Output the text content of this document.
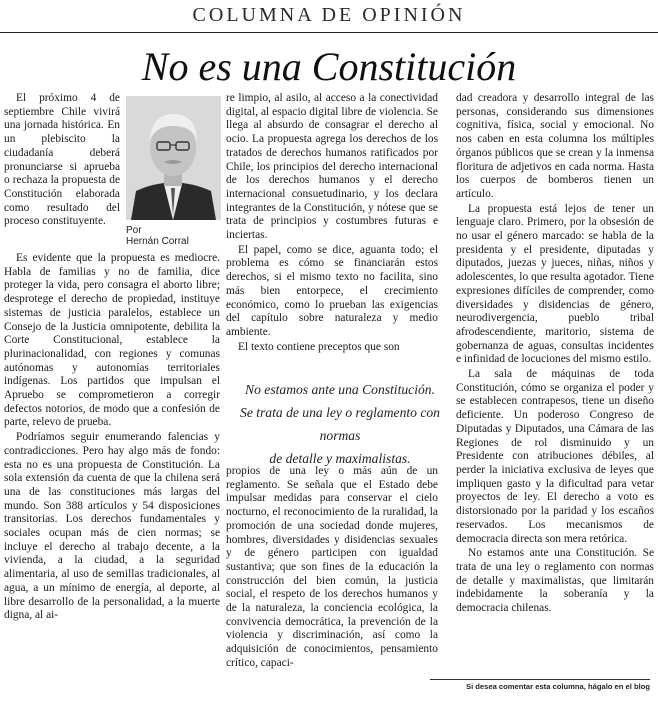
COLUMNA DE OPINIÓN
No es una Constitución

El próximo 4 de septiembre Chile vivirá una jornada histórica. En un plebiscito la ciudadanía deberá pronunciarse si aprueba o rechaza la propuesta de Constitución elaborada como resultado del proceso constituyente.

Por
Hernán Corral

Es evidente que la propuesta es mediocre. Habla de familias y no de familia, dice proteger la vida, pero consagra el aborto libre; desprotege el derecho de propiedad, instituye sistemas de justicia paralelos, establece un Consejo de la Justicia omnipotente, debilita la Corte Constitucional, establece la plurinacionalidad, con regiones y comunas autónomas y autonomías territoriales indígenas. Los partidos que impulsan el Apruebo se comprometieron a corregir defectos notorios, de modo que a confesión de parte, relevo de prueba.

Podríamos seguir enumerando falencias y contradicciones. Pero hay algo más de fondo: esta no es una propuesta de Constitución. La sola extensión da cuenta de que la chilena será una de las constituciones más largas del mundo. Son 388 artículos y 54 disposiciones transitorias. Los derechos fundamentales y sociales ocupan más de cien normas; se incluye el derecho al trabajo decente, a la vivienda, a la ciudad, a la seguridad alimentaria, al uso de semillas tradicionales, al agua, a un mínimo de energía, al deporte, al libre desarrollo de la personalidad, a la muerte digna, al ai-

re limpio, al asilo, al acceso a la conectividad digital, al espacio digital libre de violencia. Se llega al absurdo de consagrar el derecho al ocio. La propuesta agrega los derechos de los tratados de derechos humanos ratificados por Chile, los principios del derecho internacional de los derechos humanos y el derecho internacional consuetudinario, y los declara integrantes de la Constitución, y nótese que se trata de principios y costumbres futuras e inciertas.

El papel, como se dice, aguanta todo; el problema es cómo se financiarán estos derechos, si el mismo texto no facilita, sino más bien entorpece, el crecimiento económico, como lo prueban las exigencias del capítulo sobre naturaleza y medio ambiente.

El texto contiene preceptos que son

No estamos ante una Constitución.

Se trata de una ley o reglamento con normas

de detalle y maximalistas.

propios de una ley o más aún de un reglamento. Se señala que el Estado debe impulsar medidas para conservar el cielo nocturno, el reconocimiento de la ruralidad, la promoción de una sociedad donde mujeres, hombres, diversidades y disidencias sexuales y de género participen con igualdad sustantiva; que son fines de la educación la construcción del bien común, la justicia social, el respeto de los derechos humanos y de la naturaleza, la conciencia ecológica, la convivencia democrática, la prevención de la violencia y discriminación, así como la adquisición de conocimientos, pensamiento crítico, capaci-

dad creadora y desarrollo integral de las personas, considerando sus dimensiones cognitiva, física, social y emocional. No nos caben en esta columna los múltiples órganos públicos que se crean y la inmensa floritura de adjetivos en cada norma. Hasta los cuerpos de bomberos tienen un artículo.

La propuesta está lejos de tener un lenguaje claro. Primero, por la obsesión de no usar el género marcado: se habla de la presidenta y el presidente, diputadas y diputados, juezas y jueces, niñas, niños y adolescentes, lo que resulta agotador. Tiene expresiones difíciles de comprender, como diversidades y disidencias de género, neurodivergencia, pueblo tribal afrodescendiente, maritorio, sistema de gobernanza de aguas, consultas incidentes e infinidad de locuciones del mismo estilo.

La sala de máquinas de toda Constitución, cómo se organiza el poder y se establecen contrapesos, tiene un diseño deficiente. Un poderoso Congreso de Diputadas y Diputados, una Cámara de las Regiones de rol disminuido y un Presidente con atribuciones débiles, al perder la iniciativa exclusiva de leyes que impliquen gasto y la dificultad para vetar proyectos de ley. El derecho a voto es distorsionado por la paridad y los escaños reservados. Los mecanismos de democracia directa son mera retórica.

No estamos ante una Constitución. Se trata de una ley o reglamento con normas de detalle y maximalistas, que limitarán indebidamente la soberanía y la democracia chilenas.

Si desea comentar esta columna, hágalo en el blog
